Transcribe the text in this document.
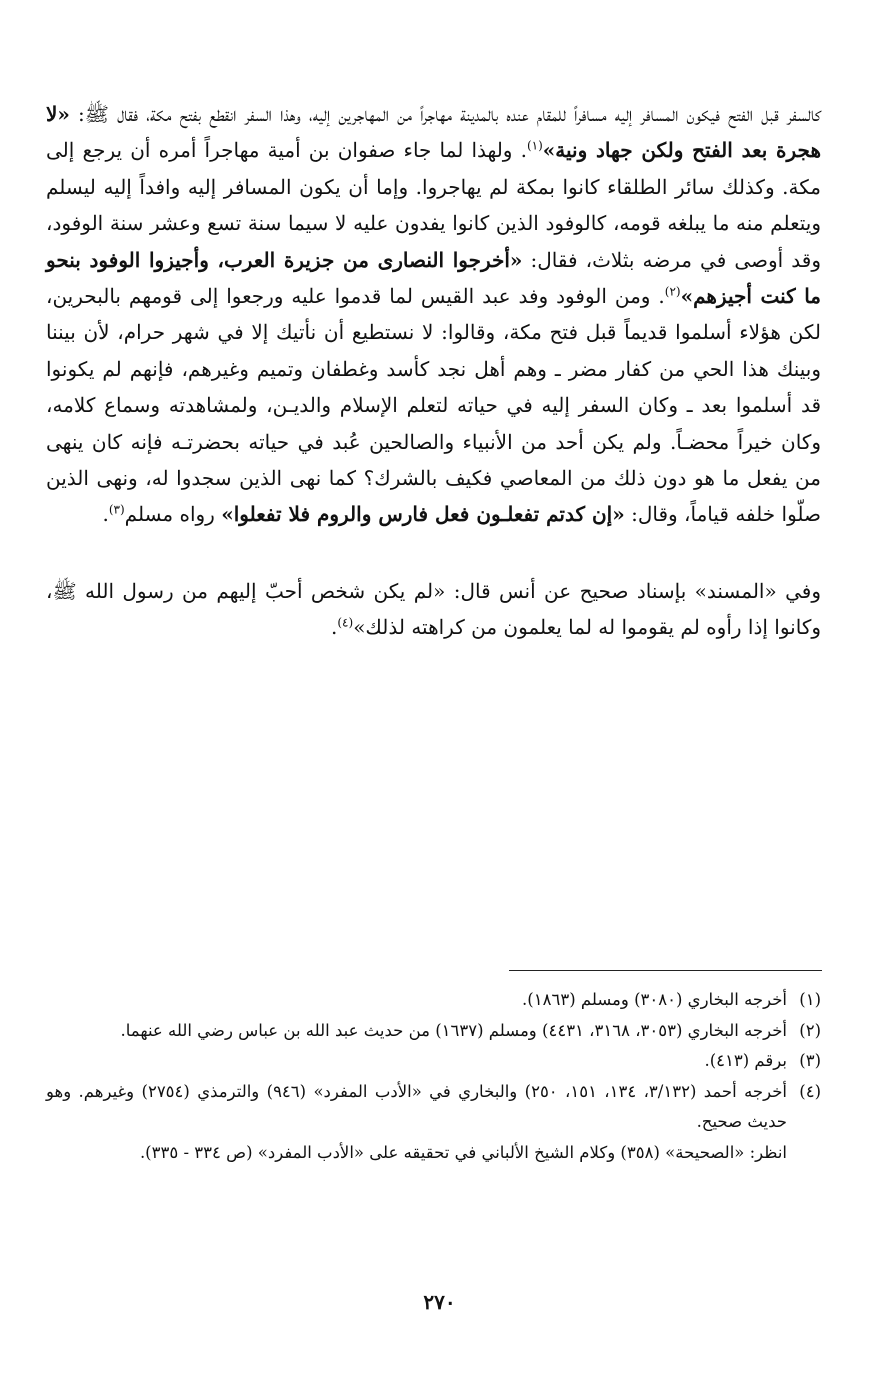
كالسفر قبل الفتح فيكون المسافر إليه مسافراً للمقام عنده بالمدينة مهاجراً من المهاجرين إليه، وهذا السفر انقطع بفتح مكة، فقال ﷺ: «لا هجرة بعد الفتح ولكن جهاد ونية»$^{(١)}$. ولهذا لما جاء صفوان بن أمية مهاجراً أمره أن يرجع إلى مكة. وكذلك سائر الطلقاء كانوا بمكة لم يهاجروا. وإما أن يكون المسافر إليه وافداً إليه ليسلم ويتعلم منه ما يبلغه قومه، كالوفود الذين كانوا يفدون عليه لا سيما سنة تسع وعشر سنة الوفود، وقد أوصى في مرضه بثلاث، فقال: «أخرجوا النصارى من جزيرة العرب، وأجيزوا الوفود بنحو ما كنت أجيزهم»$^{(٢)}$. ومن الوفود وفد عبد القيس لما قدموا عليه ورجعوا إلى قومهم بالبحرين، لكن هؤلاء أسلموا قديماً قبل فتح مكة، وقالوا: لا نستطيع أن نأتيك إلا في شهر حرام، لأن بيننا وبينك هذا الحي من كفار مضر ـ وهم أهل نجد كأسد وغطفان وتميم وغيرهم، فإنهم لم يكونوا قد أسلموا بعد ـ وكان السفر إليه في حياته لتعلم الإسلام والديـن، ولمشاهدته وسماع كلامه، وكان خيراً محضـاً. ولم يكن أحد من الأنبياء والصالحين عُبد في حياته بحضرتـه فإنه كان ينهى من يفعل ما هو دون ذلك من المعاصي فكيف بالشرك؟ كما نهى الذين سجدوا له، ونهى الذين صلّوا خلفه قياماً، وقال: «إن كدتم تفعلـون فعل فارس والروم فلا تفعلوا» رواه مسلم$^{(٣)}$.

وفي «المسند» بإسناد صحيح عن أنس قال: «لم يكن شخص أحبّ إليهم من رسول الله ﷺ، وكانوا إذا رأوه لم يقوموا له لما يعلمون من كراهته لذلك»$^{(٤)}$.

(١)
أخرجه البخاري (٣٠٨٠) ومسلم (١٨٦٣).
(٢)
أخرجه البخاري (٣٠٥٣، ٣١٦٨، ٤٤٣١) ومسلم (١٦٣٧) من حديث عبد الله بن عباس رضي الله عنهما.
(٣)
برقم (٤١٣).
(٤)
أخرجه أحمد (٣/١٣٢، ١٣٤، ١٥١، ٢٥٠) والبخاري في «الأدب المفرد» (٩٤٦) والترمذي (٢٧٥٤) وغيرهم. وهو حديث صحيح.
انظر: «الصحيحة» (٣٥٨) وكلام الشيخ الألباني في تحقيقه على «الأدب المفرد» (ص ٣٣٤ - ٣٣٥).
٢٧٠
